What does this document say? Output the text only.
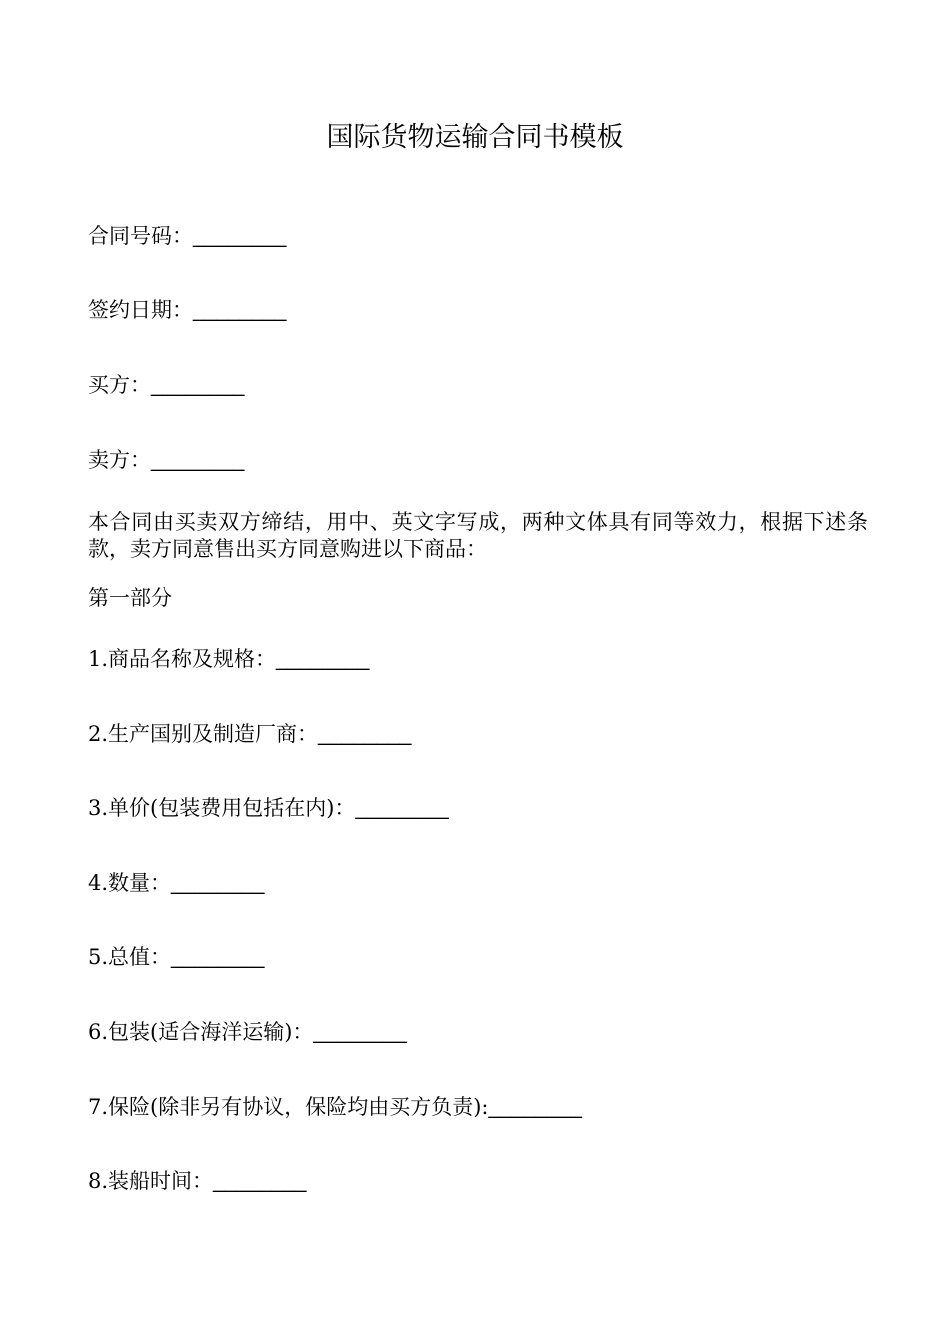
国际货物运输合同书模板
合同号码：________
签约日期：________
买方：________
卖方：________
本合同由买卖双方缔结，用中、英文字写成，两种文体具有同等效力，根据下述条款，卖方同意售出买方同意购进以下商品：
第一部分
1.商品名称及规格：________
2.生产国别及制造厂商：________
3.单价(包装费用包括在内)：________
4.数量：________
5.总值：________
6.包装(适合海洋运输)：________
7.保险(除非另有协议，保险均由买方负责):________
8.装船时间：________
